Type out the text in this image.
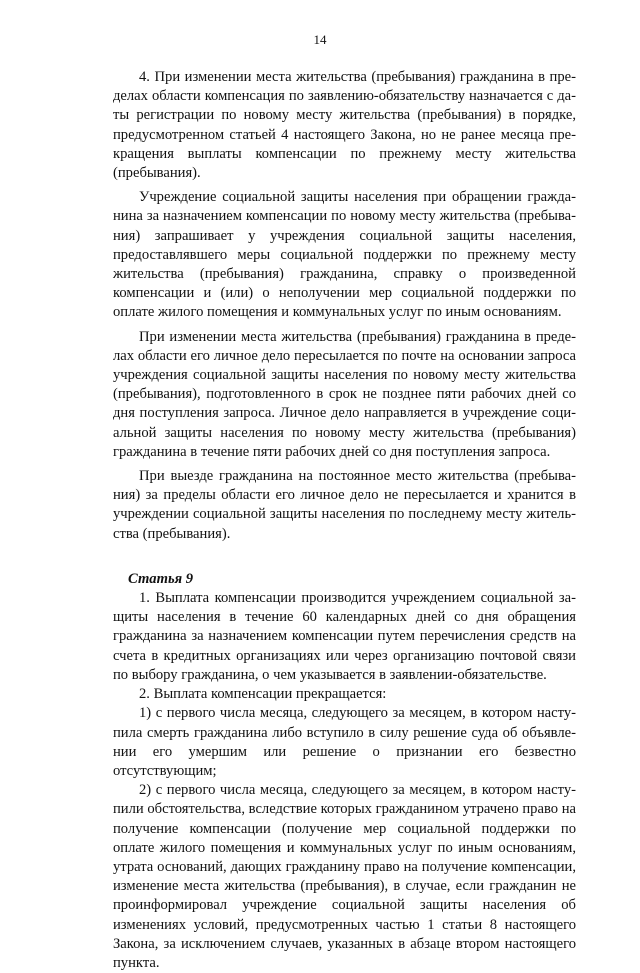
14

4. При изменении места жительства (пребывания) гражданина в пределах области компенсация по заявлению-обязательству назначается с даты регистрации по новому месту жительства (пребывания) в порядке, предусмотренном статьей 4 настоящего Закона, но не ранее месяца прекращения выплаты компенсации по прежнему месту жительства (пребывания).

Учреждение социальной защиты населения при обращении гражданина за назначением компенсации по новому месту жительства (пребывания) запрашивает у учреждения социальной защиты населения, предоставлявшего меры социальной поддержки по прежнему месту жительства (пребывания) гражданина, справку о произведенной компенсации и (или) о неполучении мер социальной поддержки по оплате жилого помещения и коммунальных услуг по иным основаниям.

При изменении места жительства (пребывания) гражданина в пределах области его личное дело пересылается по почте на основании запроса учреждения социальной защиты населения по новому месту жительства (пребывания), подготовленного в срок не позднее пяти рабочих дней со дня поступления запроса. Личное дело направляется в учреждение социальной защиты населения по новому месту жительства (пребывания) гражданина в течение пяти рабочих дней со дня поступления запроса.

При выезде гражданина на постоянное место жительства (пребывания) за пределы области его личное дело не пересылается и хранится в учреждении социальной защиты населения по последнему месту жительства (пребывания).

Статья 9

1. Выплата компенсации производится учреждением социальной защиты населения в течение 60 календарных дней со дня обращения гражданина за назначением компенсации путем перечисления средств на счета в кредитных организациях или через организацию почтовой связи по выбору гражданина, о чем указывается в заявлении-обязательстве.

2. Выплата компенсации прекращается:

1) с первого числа месяца, следующего за месяцем, в котором наступила смерть гражданина либо вступило в силу решение суда об объявлении его умершим или решение о признании его безвестно отсутствующим;

2) с первого числа месяца, следующего за месяцем, в котором наступили обстоятельства, вследствие которых гражданином утрачено право на получение компенсации (получение мер социальной поддержки по оплате жилого помещения и коммунальных услуг по иным основаниям, утрата оснований, дающих гражданину право на получение компенсации, изменение места жительства (пребывания), в случае, если гражданин не проинформировал учреждение социальной защиты населения об изменениях условий, предусмотренных частью 1 статьи 8 настоящего Закона, за исключением случаев, указанных в абзаце втором настоящего пункта.
